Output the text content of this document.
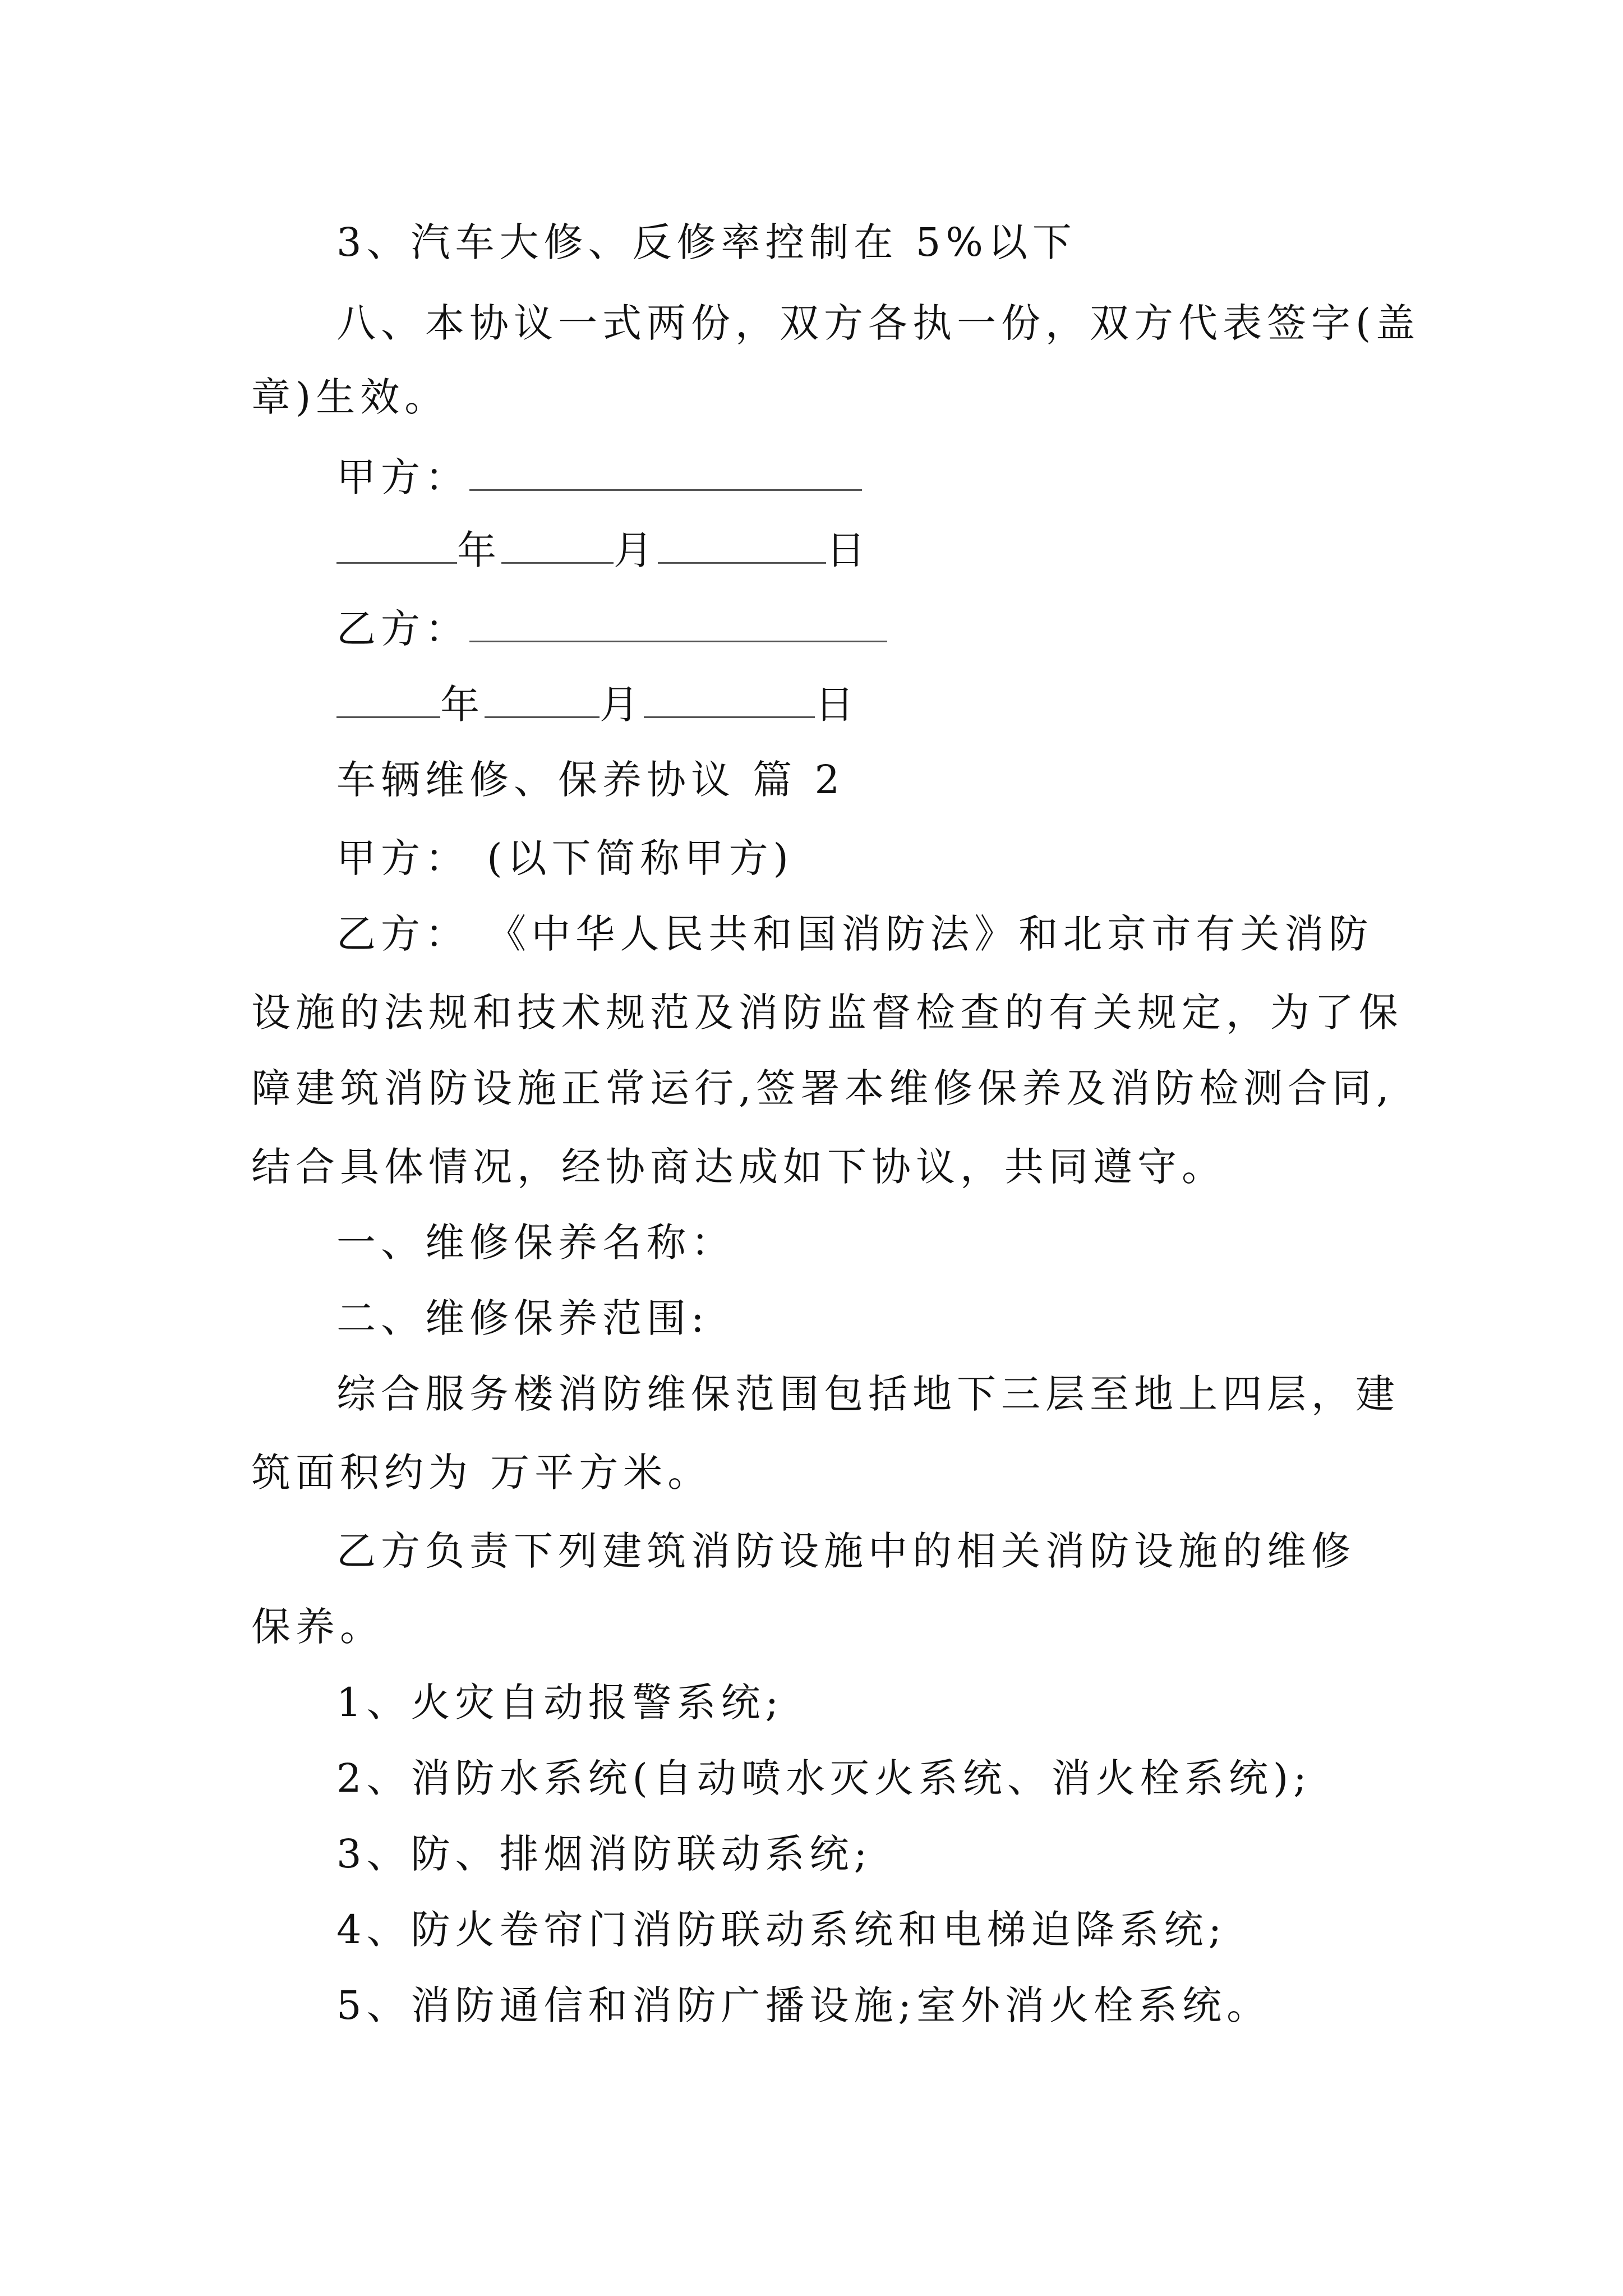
3、汽车大修、反修率控制在 5%以下
八、本协议一式两份，双方各执一份，双方代表签字(盖
章)生效。
甲方：
年	月	日
乙方：
年	月	日
车辆维修、保养协议 篇 2
甲方： (以下简称甲方)
乙方： 《中华人民共和国消防法》和北京市有关消防
设施的法规和技术规范及消防监督检查的有关规定，为了保
障建筑消防设施正常运行,签署本维修保养及消防检测合同,
结合具体情况，经协商达成如下协议，共同遵守。
一、维修保养名称：
二、维修保养范围:
综合服务楼消防维保范围包括地下三层至地上四层，建
筑面积约为 万平方米。
乙方负责下列建筑消防设施中的相关消防设施的维修
保养。
1、火灾自动报警系统;
2、消防水系统(自动喷水灭火系统、消火栓系统);
3、防、排烟消防联动系统;
4、防火卷帘门消防联动系统和电梯迫降系统;
5、消防通信和消防广播设施;室外消火栓系统。
